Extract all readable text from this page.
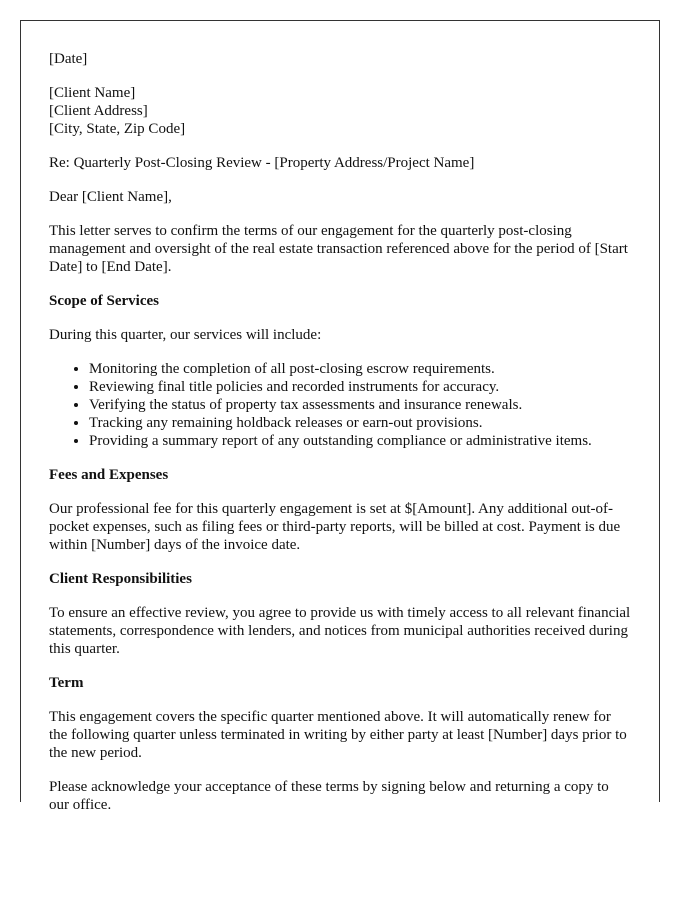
[Date]

[Client Name]
[Client Address]
[City, State, Zip Code]

Re: Quarterly Post-Closing Review - [Property Address/Project Name]

Dear [Client Name],

This letter serves to confirm the terms of our engagement for the quarterly post-closing management and oversight of the real estate transaction referenced above for the period of [Start Date] to [End Date].

Scope of Services

During this quarter, our services will include:

• Monitoring the completion of all post-closing escrow requirements.
• Reviewing final title policies and recorded instruments for accuracy.
• Verifying the status of property tax assessments and insurance renewals.
• Tracking any remaining holdback releases or earn-out provisions.
• Providing a summary report of any outstanding compliance or administrative items.
Fees and Expenses

Our professional fee for this quarterly engagement is set at $[Amount]. Any additional out-of-pocket expenses, such as filing fees or third-party reports, will be billed at cost. Payment is due within [Number] days of the invoice date.

Client Responsibilities

To ensure an effective review, you agree to provide us with timely access to all relevant financial statements, correspondence with lenders, and notices from municipal authorities received during this quarter.

Term

This engagement covers the specific quarter mentioned above. It will automatically renew for the following quarter unless terminated in writing by either party at least [Number] days prior to the new period.

Please acknowledge your acceptance of these terms by signing below and returning a copy to our office.
